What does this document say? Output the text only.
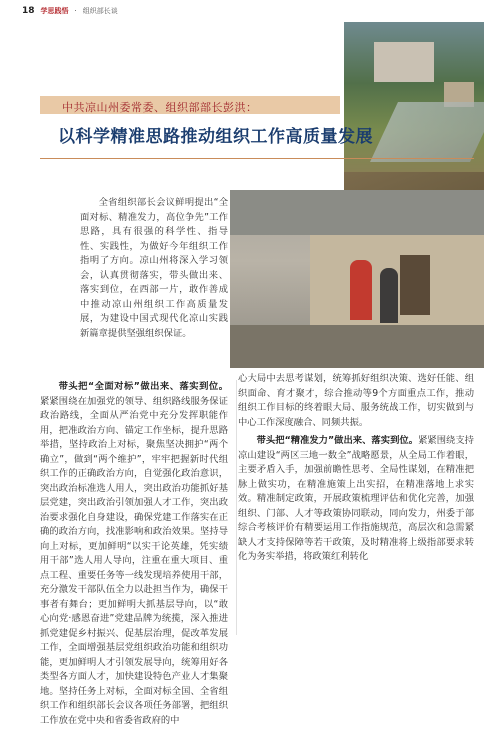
18 学思践悟 · 组织部长谈
中共凉山州委常委、组织部部长彭洪：
以科学精准思路推动组织工作高质量发展

全省组织部长会议鲜明提出“全面对标、精准发力，高位争先”工作思路，具有很强的科学性、指导性、实践性，为做好今年组织工作指明了方向。凉山州将深入学习领会，认真贯彻落实，带头做出来、落实到位，在西部一片，敢作善成中推动凉山州组织工作高质量发展，为建设中国式现代化凉山实践新篇章提供坚强组织保证。

带头把“全面对标”做出来、落实到位。紧紧围绕在加强党的领导、组织路线服务保证政治路线，全面从严治党中充分发挥职能作用，把准政治方向、锚定工作坐标，提升思路举措，坚持政治上对标，聚焦坚决拥护“两个确立”，做到“两个维护”，牢牢把握新时代组织工作的正确政治方向，自觉强化政治意识，突出政治标准选人用人，突出政治功能抓好基层党建，突出政治引领加强人才工作，突出政治要求强化自身建设，确保党建工作落实在正确的政治方向，找准影响和政治效果。坚持导向上对标，更加鲜明“以实干论英雄，凭实绩用干部”选人用人导向，注重在重大项目、重点工程、重要任务等一线发现培养使用干部，充分激发干部队伍全力以赴担当作为，确保干事者有舞台；更加鲜明大抓基层导向，以“敢心向党·感恩奋进”党建品牌为统揽，深入推进抓党建促乡村振兴、促基层治理，促改革发展工作，全面增强基层党组织政治功能和组织功能，更加鲜明人才引领发展导向，统筹用好各类型各方面人才，加快建设特色产业人才集聚地。坚持任务上对标，全面对标全国、全省组织工作和组织部长会议各项任务部署，把组织工作放在党中央和省委省政府的中

心大局中去思考谋划，统筹抓好组织决策、选好任能、组织面命、育才聚才，综合推动等9个方面重点工作，推动组织工作目标的终着眼大局、服务统战工作，切实做到与中心工作深度融合、同频共振。

带头把“精准发力”做出来、落实到位。紧紧围绕支持凉山建设“两区三地一数全”战略愿景，从全局工作着眼，主要矛盾入手，加强前瞻性思考、全局性谋划，在精准把脉上做实功，在精准施策上出实招，在精准落地上求实效。精准制定政策，开展政策梳理评估和优化完善，加强组织、门部、人才等政策协同联动，同向发力，州委于部综合考核评价有精要运用工作指施规范，高层次和急需紧缺人才支持保障等若干政策，及时精准将上级指部要求转化为务实举措，将政策红利转化
